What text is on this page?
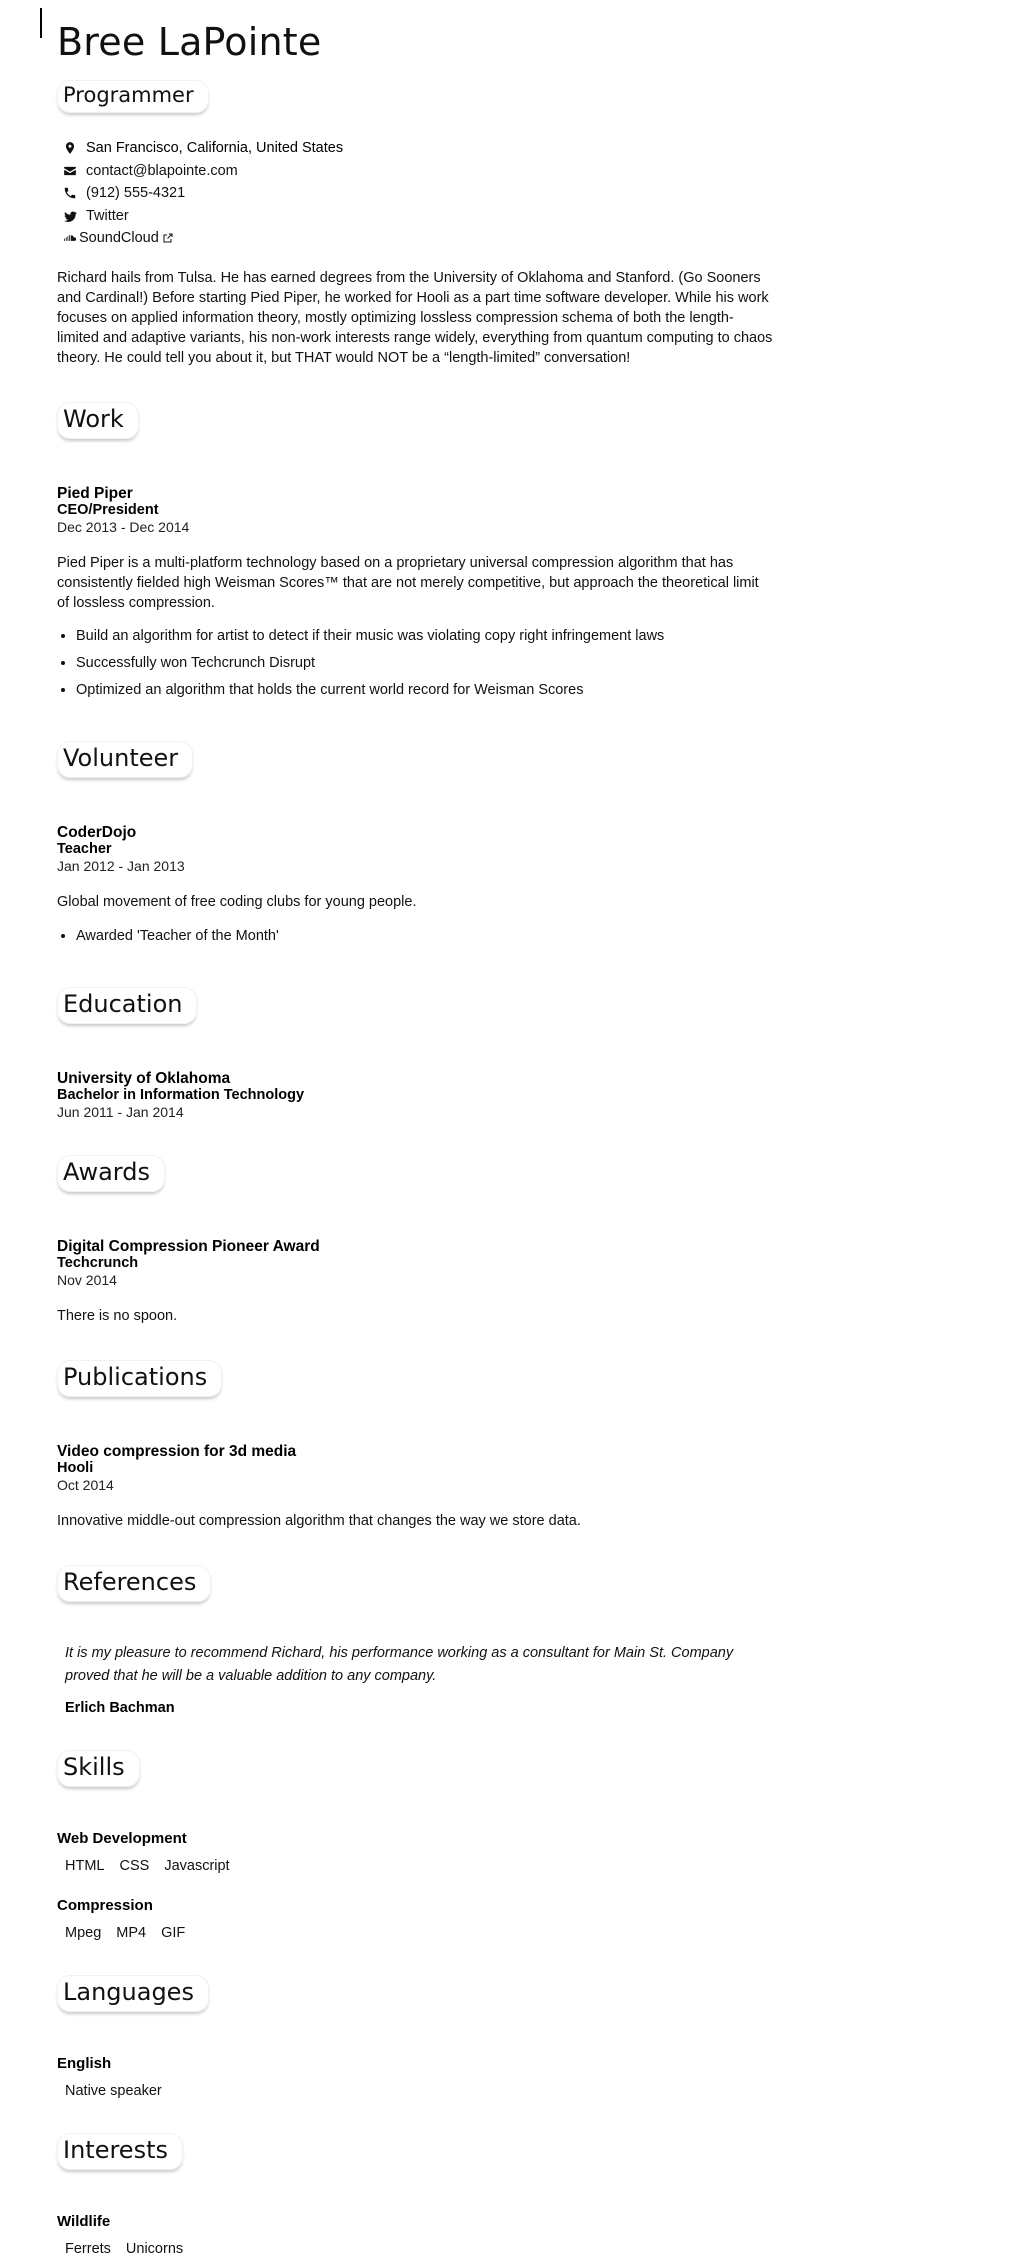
Bree LaPointe
Programmer
San Francisco, California, United States
contact@blapointe.com
(912) 555-4321
Twitter
SoundCloud

Richard hails from Tulsa. He has earned degrees from the University of Oklahoma and Stanford. (Go Sooners and Cardinal!) Before starting Pied Piper, he worked for Hooli as a part time software developer. While his work focuses on applied information theory, mostly optimizing lossless compression schema of both the length-limited and adaptive variants, his non-work interests range widely, everything from quantum computing to chaos theory. He could tell you about it, but THAT would NOT be a “length-limited” conversation!

Work
Pied Piper
CEO/President
Dec 2013 - Dec 2014

Pied Piper is a multi-platform technology based on a proprietary universal compression algorithm that has consistently fielded high Weisman Scores™ that are not merely competitive, but approach the theoretical limit of lossless compression.

• Build an algorithm for artist to detect if their music was violating copy right infringement laws
• Successfully won Techcrunch Disrupt
• Optimized an algorithm that holds the current world record for Weisman Scores
Volunteer
CoderDojo
Teacher
Jan 2012 - Jan 2013

Global movement of free coding clubs for young people.

• Awarded 'Teacher of the Month'
Education
University of Oklahoma
Bachelor in Information Technology
Jun 2011 - Jan 2014
Awards
Digital Compression Pioneer Award
Techcrunch
Nov 2014

There is no spoon.

Publications
Video compression for 3d media
Hooli
Oct 2014

Innovative middle-out compression algorithm that changes the way we store data.

References
It is my pleasure to recommend Richard, his performance working as a consultant for Main St. Company proved that he will be a valuable addition to any company.
Erlich Bachman
Skills
Web Development
HTML CSS Javascript
Compression
Mpeg MP4 GIF
Languages
English
Native speaker
Interests
Wildlife
Ferrets Unicorns
